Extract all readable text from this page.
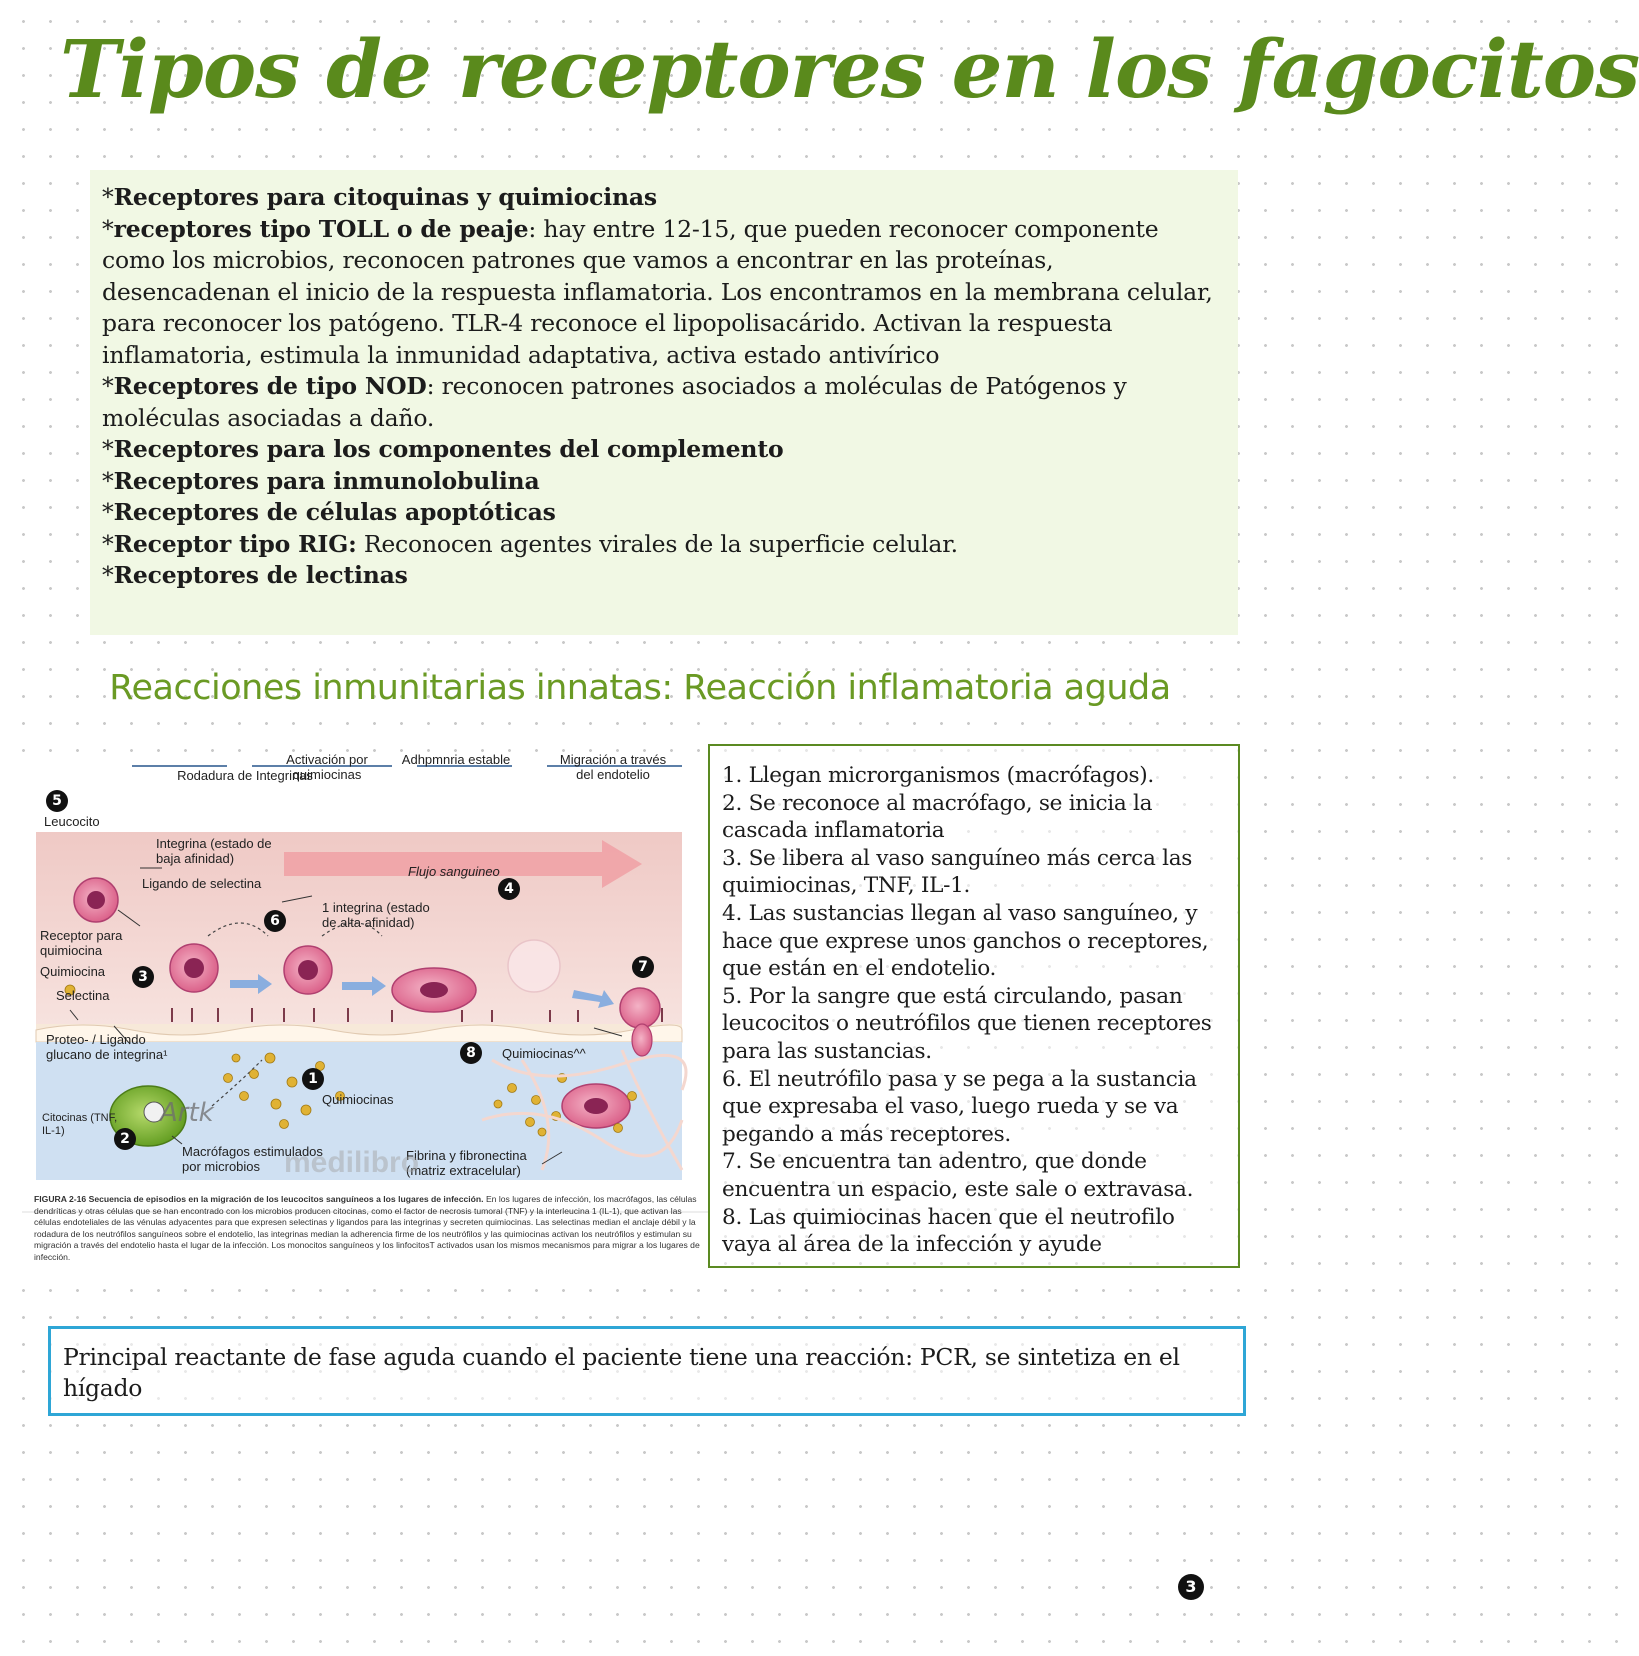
Tipos de receptores en los fagocitos

*Receptores para citoquinas y quimiocinas

*receptores tipo TOLL o de peaje: hay entre 12-15, que pueden reconocer componente como los microbios, reconocen patrones que vamos a encontrar en las proteínas, desencadenan el inicio de la respuesta inflamatoria. Los encontramos en la membrana celular, para reconocer los patógeno. TLR-4 reconoce el lipopolisacárido. Activan la respuesta inflamatoria, estimula la inmunidad adaptativa, activa estado antivírico

*Receptores de tipo NOD: reconocen patrones asociados a moléculas de Patógenos y moléculas asociadas a daño.

*Receptores para los componentes del complemento

*Receptores para inmunolobulina

*Receptores de células apoptóticas

*Receptor tipo RIG: Reconocen agentes virales de la superficie celular.

*Receptores de lectinas

Reacciones inmunitarias innatas: Reacción inflamatoria aguda
Rodadura de Integrinas
Activación por quimiocinas
Adhpmnria estable	Migración a través del endotelio
Leucocito
Integrina (estado de baja afinidad)
Ligando de selectina
Flujo sanguineo
1 integrina (estado de alta afinidad)
Receptor para quimiocina
Quimiocina
Selectina
Proteo- / Ligando glucano de integrina¹
Quimiocinas
Quimiocinas^^
Citocinas (TNF, IL-1)
Macrófagos estimulados por microbios
Fibrina y fibronectina (matriz extracelular)
medilibro
Artk
5
4
6
3
7
8
1
2
FIGURA 2-16 Secuencia de episodios en la migración de los leucocitos sanguíneos a los lugares de infección. En los lugares de infección, los macrófagos, las células dendríticas y otras células que se han encontrado con los microbios producen citocinas, como el factor de necrosis tumoral (TNF) y la interleucina 1 (IL-1), que activan las células endoteliales de las vénulas adyacentes para que expresen selectinas y ligandos para las integrinas y secreten quimiocinas. Las selectinas median el anclaje débil y la rodadura de los neutrófilos sanguíneos sobre el endotelio, las integrinas median la adherencia firme de los neutrófilos y las quimiocinas activan los neutrófilos y estimulan su migración a través del endotelio hasta el lugar de la infección. Los monocitos sanguíneos y los linfocitosT activados usan los mismos mecanismos para migrar a los lugares de infección.

1. Llegan microrganismos (macrófagos).

2. Se reconoce al macrófago, se inicia la cascada inflamatoria

3. Se libera al vaso sanguíneo más cerca las quimiocinas, TNF, IL-1.

4. Las sustancias llegan al vaso sanguíneo, y hace que exprese unos ganchos o receptores, que están en el endotelio.

5. Por la sangre que está circulando, pasan leucocitos o neutrófilos que tienen receptores para las sustancias.

6. El neutrófilo pasa y se pega a la sustancia que expresaba el vaso, luego rueda y se va pegando a más receptores.

7. Se encuentra tan adentro, que donde encuentra un espacio, este sale o extravasa.

8. Las quimiocinas hacen que el neutrofilo vaya al área de la infección y ayude

Principal reactante de fase aguda cuando el paciente tiene una reacción: PCR, se sintetiza en el hígado
3
